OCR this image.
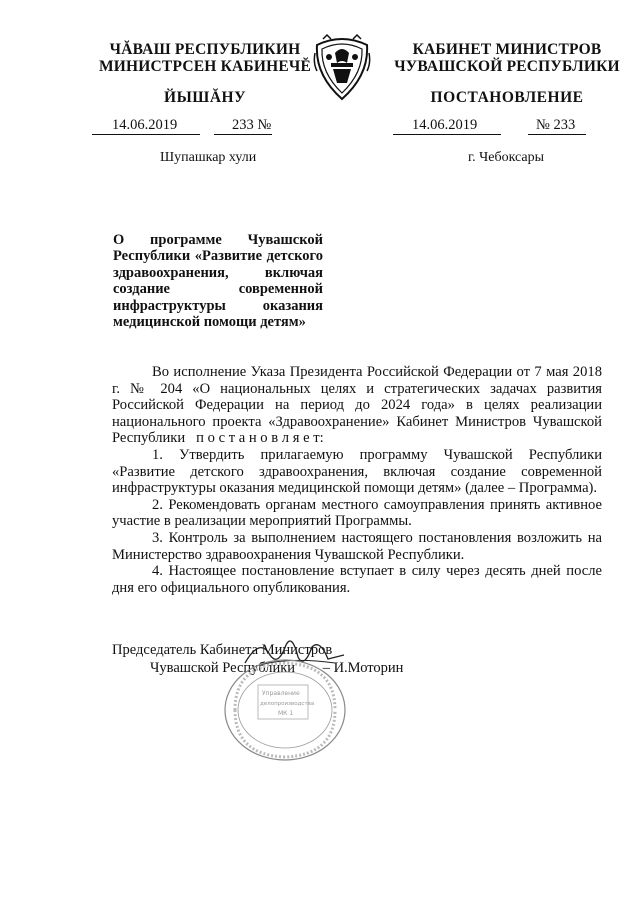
ЧĂВАШ РЕСПУБЛИКИН
МИНИСТРСЕН КАБИНЕЧĔ
КАБИНЕТ МИНИСТРОВ
ЧУВАШСКОЙ РЕСПУБЛИКИ
ЙЫШĂНУ	ПОСТАНОВЛЕНИЕ
14.06.2019	233 №	14.06.2019	№ 233
Шупашкар хули	г. Чебоксары
О программе Чувашской Республики «Развитие детского здравоохранения, включая создание современной инфраструктуры оказания медицинской помощи детям»

Во исполнение Указа Президента Российской Федерации от 7 мая 2018 г. № 204 «О национальных целях и стратегических задачах развития Российской Федерации на период до 2024 года» в целях реализации национального проекта «Здравоохранение» Кабинет Министров Чувашской Республики п о с т а н о в л я е т:

1. Утвердить прилагаемую программу Чувашской Республики «Развитие детского здравоохранения, включая создание современной инфраструктуры оказания медицинской помощи детям» (далее – Программа).

2. Рекомендовать органам местного самоуправления принять активное участие в реализации мероприятий Программы.

3. Контроль за выполнением настоящего постановления возложить на Министерство здравоохранения Чувашской Республики.

4. Настоящее постановление вступает в силу через десять дней после дня его официального опубликования.

Председатель Кабинета Министров
Чувашской Республики – И.Моторин
Управление
делопроизводства
МК 1
